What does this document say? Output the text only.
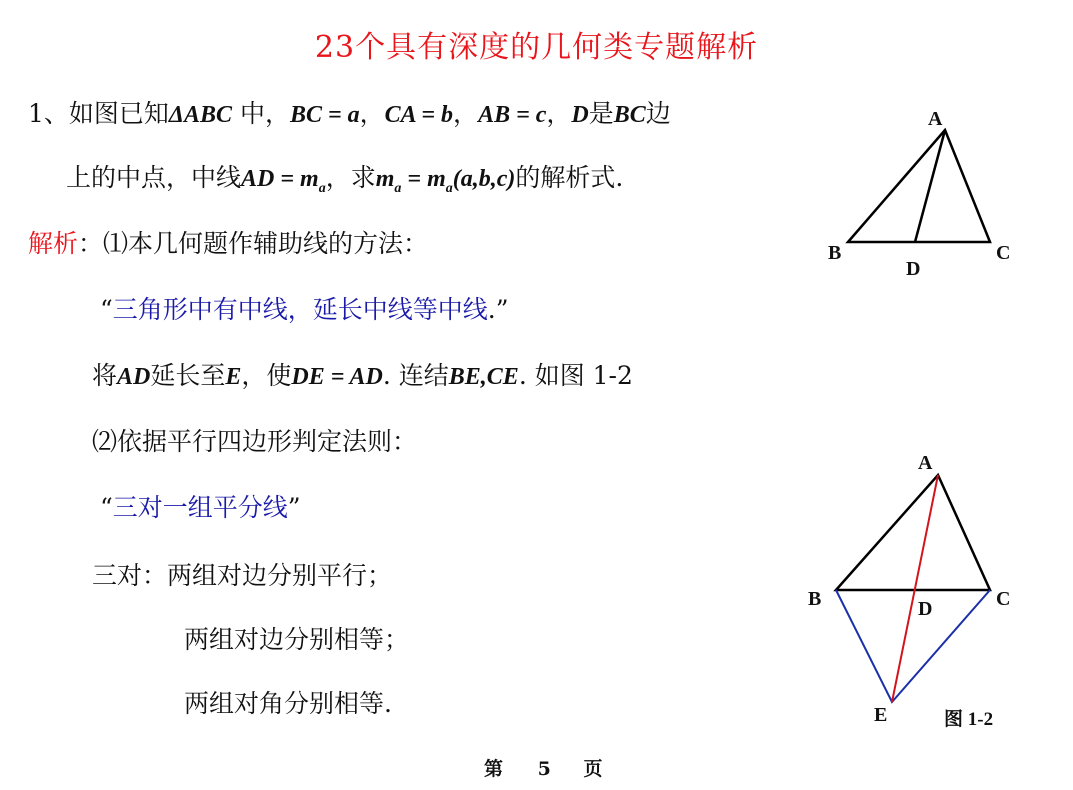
23个具有深度的几何类专题解析
1、如图已知ΔABC 中，BC = a，CA = b，AB = c，D是BC边
上的中点，中线AD = $m_a$，求$m_a = m_a(a,b,c)$的解析式.
解析：⑴本几何题作辅助线的方法：
“三角形中有中线，延长中线等中线.”
将AD延长至E，使DE = AD. 连结BE,CE. 如图 1-2
⑵依据平行四边形判定法则：
“三对一组平分线”
三对：两组对边分别平行；
两组对边分别相等；
两组对角分别相等.
A
B	C
D
A
B	C
D
E	图 1-2
第 5 页
